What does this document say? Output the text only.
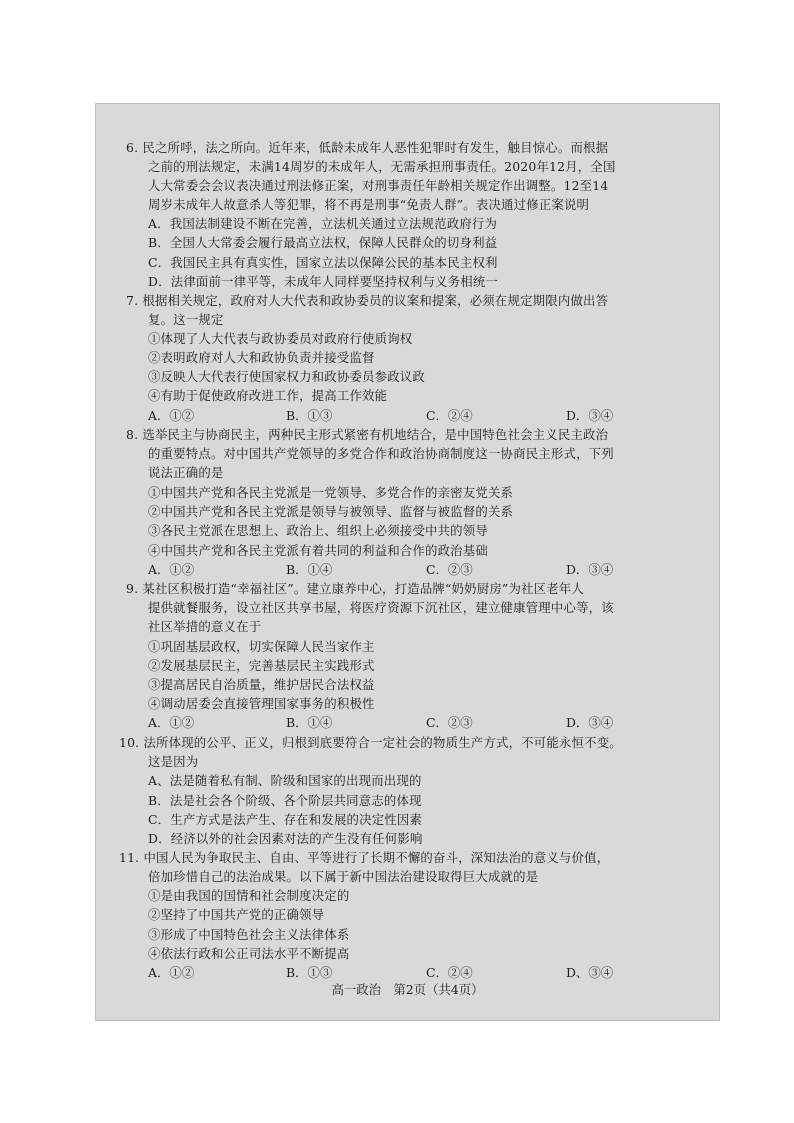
6. 民之所呼，法之所向。近年来，低龄未成年人恶性犯罪时有发生，触目惊心。而根据
之前的刑法规定，未满14周岁的未成年人，无需承担刑事责任。2020年12月，全国
人大常委会会议表决通过刑法修正案，对刑事责任年龄相关规定作出调整。12至14
周岁未成年人故意杀人等犯罪，将不再是刑事“免责人群”。表决通过修正案说明
A．我国法制建设不断在完善，立法机关通过立法规范政府行为
B．全国人大常委会履行最高立法权，保障人民群众的切身利益
C．我国民主具有真实性，国家立法以保障公民的基本民主权利
D．法律面前一律平等，未成年人同样要坚持权利与义务相统一
7. 根据相关规定，政府对人大代表和政协委员的议案和提案，必须在规定期限内做出答
复。这一规定
①体现了人大代表与政协委员对政府行使质询权
②表明政府对人大和政协负责并接受监督
③反映人大代表行使国家权力和政协委员参政议政
④有助于促使政府改进工作，提高工作效能
A．①②	B．①③	C．②④	D．③④
8. 选举民主与协商民主，两种民主形式紧密有机地结合，是中国特色社会主义民主政治
的重要特点。对中国共产党领导的多党合作和政治协商制度这一协商民主形式，下列
说法正确的是
①中国共产党和各民主党派是一党领导、多党合作的亲密友党关系
②中国共产党和各民主党派是领导与被领导、监督与被监督的关系
③各民主党派在思想上、政治上、组织上必须接受中共的领导
④中国共产党和各民主党派有着共同的利益和合作的政治基础
A．①②	B．①④	C．②③	D．③④
9. 某社区积极打造“幸福社区”。建立康养中心，打造品牌“奶奶厨房”为社区老年人
提供就餐服务，设立社区共享书屋，将医疗资源下沉社区，建立健康管理中心等，该
社区举措的意义在于
①巩固基层政权，切实保障人民当家作主
②发展基层民主，完善基层民主实践形式
③提高居民自治质量，维护居民合法权益
④调动居委会直接管理国家事务的积极性
A．①②	B．①④	C．②③	D．③④
10. 法所体现的公平、正义，归根到底要符合一定社会的物质生产方式，不可能永恒不变。
这是因为
A、法是随着私有制、阶级和国家的出现而出现的
B．法是社会各个阶级、各个阶层共同意志的体现
C．生产方式是法产生、存在和发展的决定性因素
D．经济以外的社会因素对法的产生没有任何影响
11. 中国人民为争取民主、自由、平等进行了长期不懈的奋斗，深知法治的意义与价值，
倍加珍惜自己的法治成果。以下属于新中国法治建设取得巨大成就的是
①是由我国的国情和社会制度决定的
②坚持了中国共产党的正确领导
③形成了中国特色社会主义法律体系
④依法行政和公正司法水平不断提高
A．①②	B．①③	C．②④	D、③④
高一政治　第2页（共4页）
